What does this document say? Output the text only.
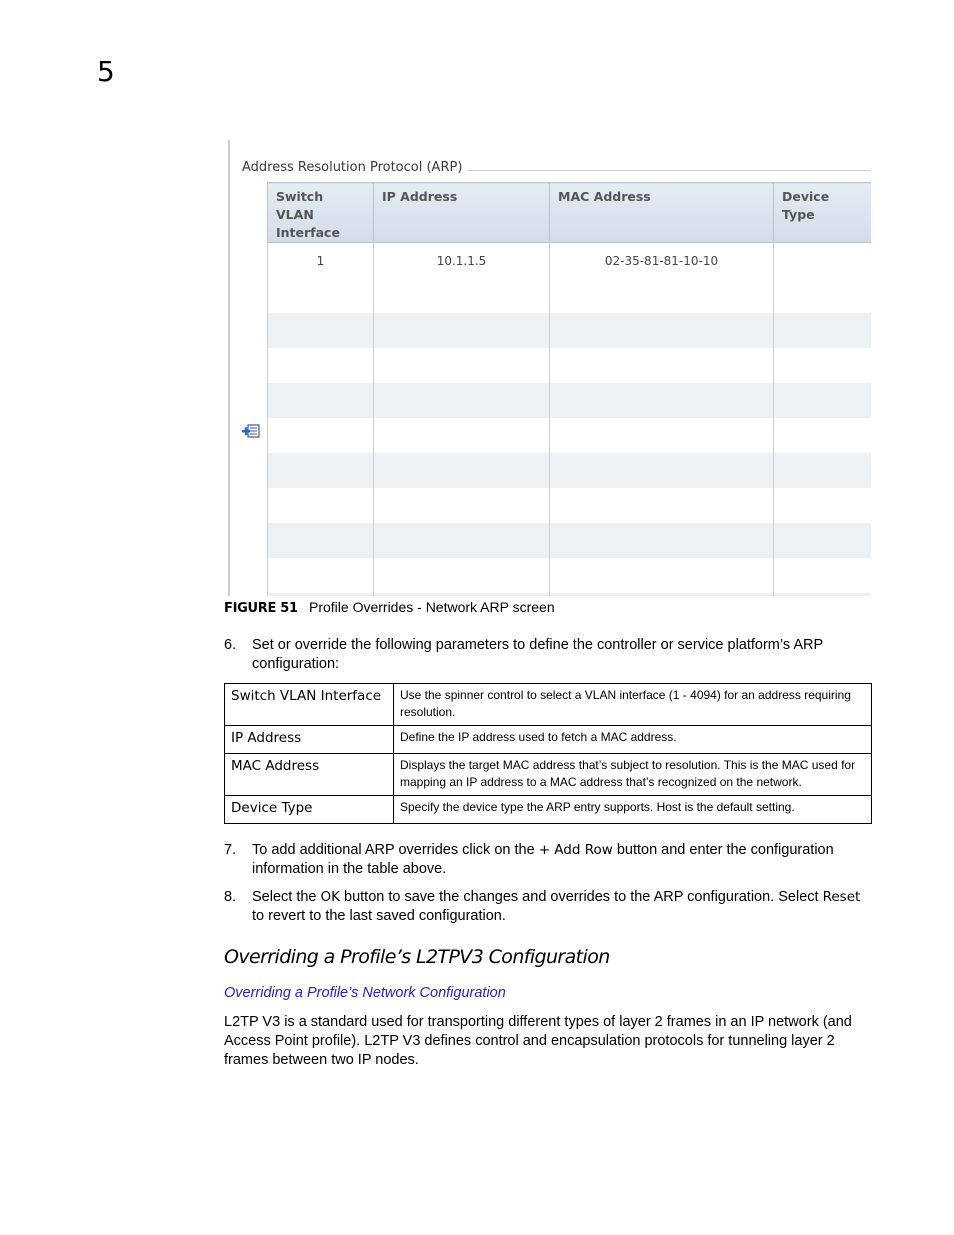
5
Address Resolution Protocol (ARP)
Switch VLAN Interface	IP Address	MAC Address	Device Type
1	10.1.1.5	02-35-81-81-10-10	

FIGURE 51 Profile Overrides - Network ARP screen
6. Set or override the following parameters to define the controller or service platform’s ARP configuration:
Switch VLAN Interface	Use the spinner control to select a VLAN interface (1 - 4094) for an address requiring resolution.
IP Address	Define the IP address used to fetch a MAC address.
MAC Address	Displays the target MAC address that’s subject to resolution. This is the MAC used for mapping an IP address to a MAC address that’s recognized on the network.
Device Type	Specify the device type the ARP entry supports. Host is the default setting.
7. To add additional ARP overrides click on the + Add Row button and enter the configuration information in the table above.
8. Select the OK button to save the changes and overrides to the ARP configuration. Select Reset to revert to the last saved configuration.
Overriding a Profile’s L2TPV3 Configuration
Overriding a Profile’s Network Configuration
L2TP V3 is a standard used for transporting different types of layer 2 frames in an IP network (and Access Point profile). L2TP V3 defines control and encapsulation protocols for tunneling layer 2 frames between two IP nodes.
